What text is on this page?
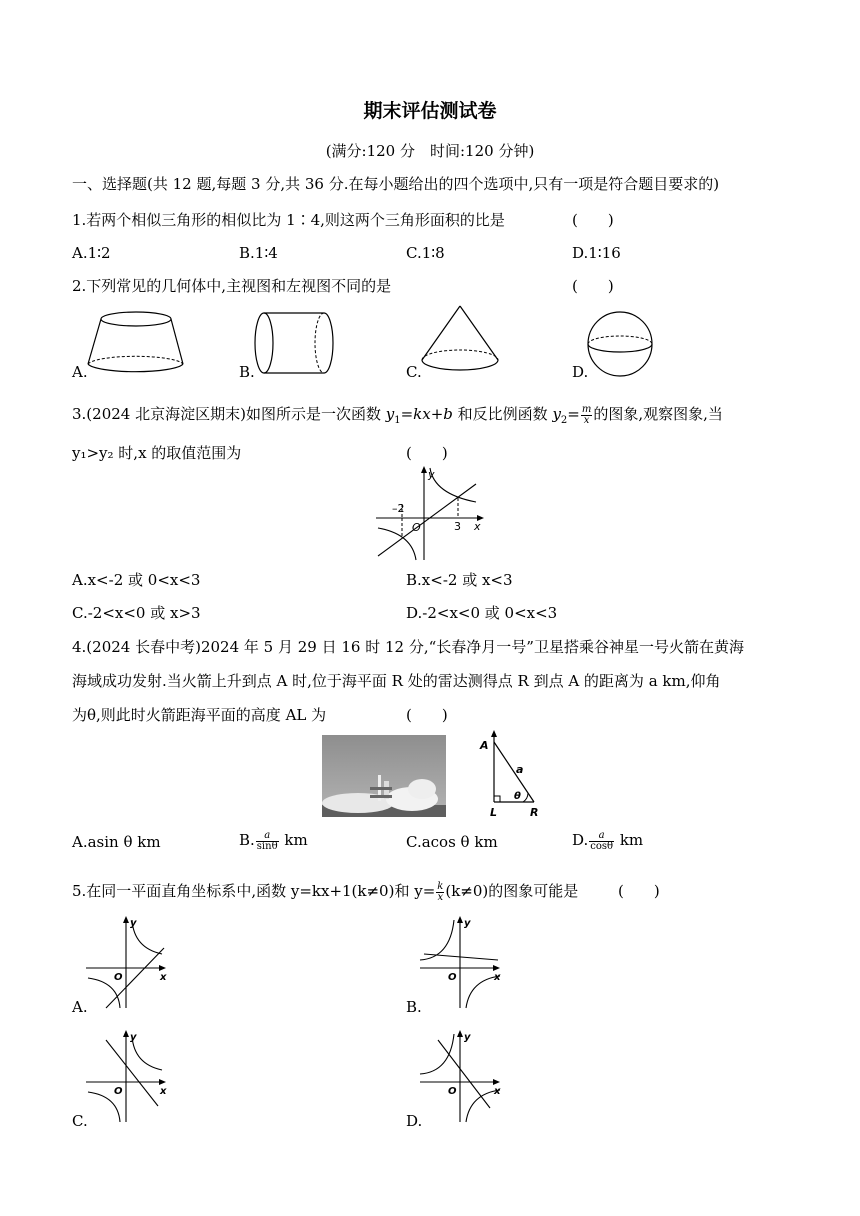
期末评估测试卷
(满分:120 分　时间:120 分钟)
一、选择题(共 12 题,每题 3 分,共 36 分.在每小题给出的四个选项中,只有一项是符合题目要求的)
1.若两个相似三角形的相似比为 1∶4,则这两个三角形面积的比是	(　　)
A.1∶2	B.1∶4	C.1∶8	D.1∶16
2.下列常见的几何体中,主视图和左视图不同的是	(　　)
A.	B.	C.	D.
3.(2024 北京海淀区期末)如图所示是一次函数 $y_1=kx+b$ 和反比例函数 $y_2= \frac{m}{x}$ 的图象,观察图象,当
y₁>y₂ 时,x 的取值范围为	(　　)
y
x
O
–2
3
A.x<-2 或 0<x<3	B.x<-2 或 x<3
C.-2<x<0 或 x>3	D.-2<x<0 或 0<x<3
4.(2024 长春中考)2024 年 5 月 29 日 16 时 12 分,“长春净月一号”卫星搭乘谷神星一号火箭在黄海
海域成功发射.当火箭上升到点 A 时,位于海平面 R 处的雷达测得点 R 到点 A 的距离为 a km,仰角
为θ,则此时火箭距海平面的高度 AL 为	(　　)
A
a
θ
L	R
A.asin θ km	B. $\frac{a}{\sin\theta}$ km	C.acos θ km	D. $\frac{a}{\cos\theta}$ km
5.在同一平面直角坐标系中,函数 y=kx+1(k≠0)和 $y= \frac{k}{x} (k\ne 0)$的图象可能是	(　　)
y
x
O
A.
y
x
O
B.
y
x
O
C.
y
x
O
D.
